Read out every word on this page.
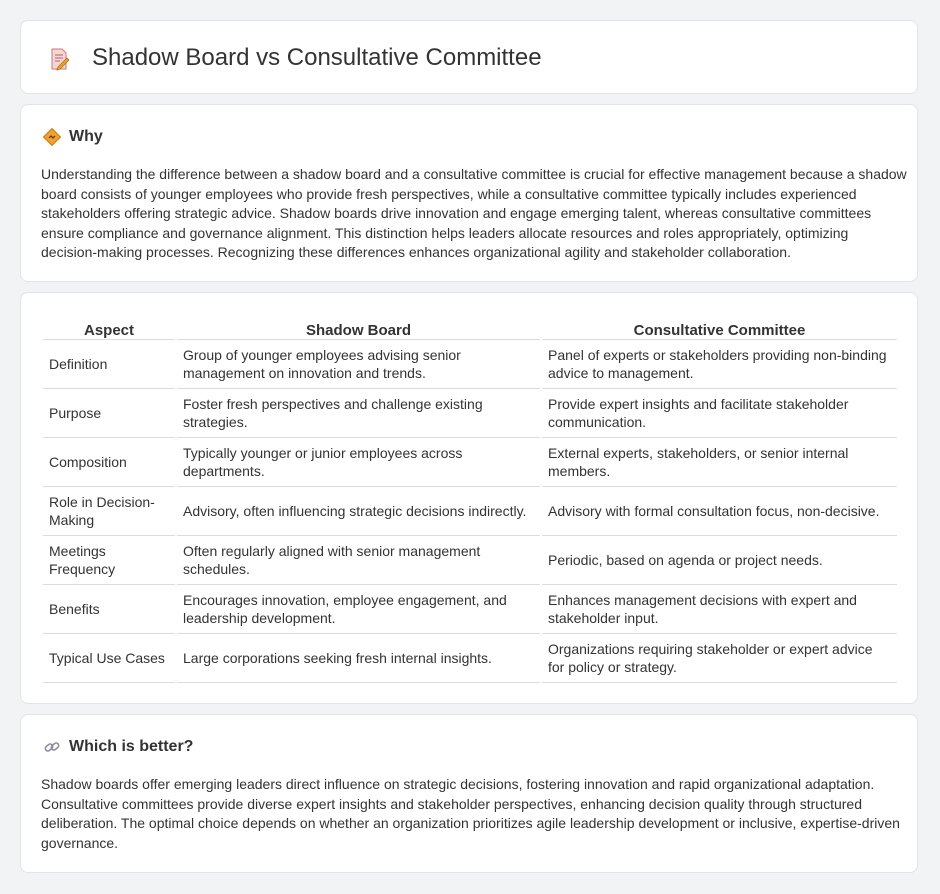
Shadow Board vs Consultative Committee
Why

Understanding the difference between a shadow board and a consultative committee is crucial for effective management because a shadow board consists of younger employees who provide fresh perspectives, while a consultative committee typically includes experienced stakeholders offering strategic advice. Shadow boards drive innovation and engage emerging talent, whereas consultative committees ensure compliance and governance alignment. This distinction helps leaders allocate resources and roles appropriately, optimizing decision-making processes. Recognizing these differences enhances organizational agility and stakeholder collaboration.

Aspect	Shadow Board	Consultative Committee
Definition	Group of younger employees advising senior management on innovation and trends.	Panel of experts or stakeholders providing non-binding advice to management.
Purpose	Foster fresh perspectives and challenge existing strategies.	Provide expert insights and facilitate stakeholder communication.
Composition	Typically younger or junior employees across departments.	External experts, stakeholders, or senior internal members.
Role in Decision-Making	Advisory, often influencing strategic decisions indirectly.	Advisory with formal consultation focus, non-decisive.
Meetings Frequency	Often regularly aligned with senior management schedules.	Periodic, based on agenda or project needs.
Benefits	Encourages innovation, employee engagement, and leadership development.	Enhances management decisions with expert and stakeholder input.
Typical Use Cases	Large corporations seeking fresh internal insights.	Organizations requiring stakeholder or expert advice for policy or strategy.
Which is better?

Shadow boards offer emerging leaders direct influence on strategic decisions, fostering innovation and rapid organizational adaptation. Consultative committees provide diverse expert insights and stakeholder perspectives, enhancing decision quality through structured deliberation. The optimal choice depends on whether an organization prioritizes agile leadership development or inclusive, expertise-driven governance.
